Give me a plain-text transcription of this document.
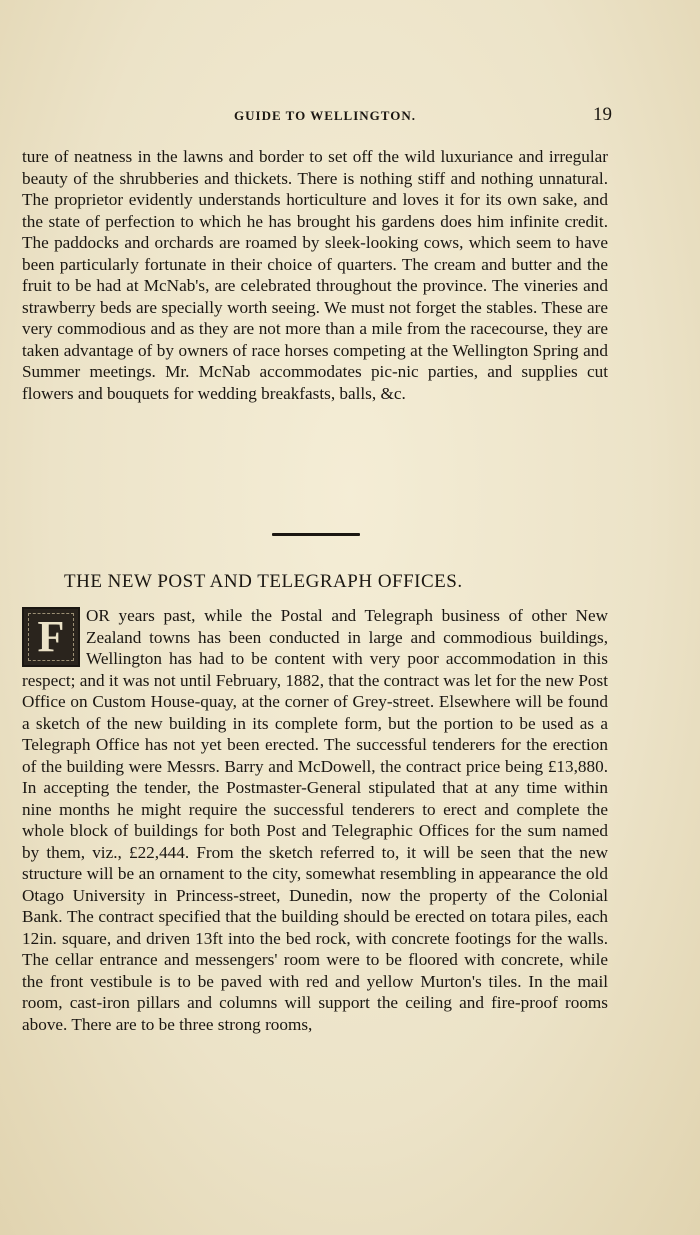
GUIDE TO WELLINGTON.	19

ture of neatness in the lawns and border to set off the wild luxuriance and irregular beauty of the shrubberies and thickets. There is nothing stiff and nothing unnatural. The proprietor evidently understands horticulture and loves it for its own sake, and the state of perfection to which he has brought his gardens does him infinite credit. The paddocks and orchards are roamed by sleek-looking cows, which seem to have been particularly fortunate in their choice of quarters. The cream and butter and the fruit to be had at McNab's, are celebrated throughout the province. The vineries and strawberry beds are specially worth seeing. We must not forget the stables. These are very commodious and as they are not more than a mile from the racecourse, they are taken advantage of by owners of race horses competing at the Wellington Spring and Summer meetings. Mr. McNab accommodates pic-nic parties, and supplies cut flowers and bouquets for wedding breakfasts, balls, &c.

THE NEW POST AND TELEGRAPH OFFICES.
F	OR years past, while the Postal and Telegraph business of other New Zealand towns has been conducted in large and commodious buildings, Wellington has had to be content with very poor accommodation in this respect; and it was not until February, 1882, that the contract was let for the new Post Office on Custom House-quay, at the corner of Grey-street. Elsewhere will be found a sketch of the new building in its complete form, but the portion to be used as a Telegraph Office has not yet been erected. The successful tenderers for the erection of the building were Messrs. Barry and McDowell, the contract price being £13,880. In accepting the tender, the Postmaster-General stipulated that at any time within nine months he might require the successful tenderers to erect and complete the whole block of buildings for both Post and Telegraphic Offices for the sum named by them, viz., £22,444. From the sketch referred to, it will be seen that the new structure will be an ornament to the city, somewhat resembling in appearance the old Otago University in Princess-street, Dunedin, now the property of the Colonial Bank. The contract specified that the building should be erected on totara piles, each 12in. square, and driven 13ft into the bed rock, with concrete footings for the walls. The cellar entrance and messengers' room were to be floored with concrete, while the front vestibule is to be paved with red and yellow Murton's tiles. In the mail room, cast-iron pillars and columns will support the ceiling and fire-proof rooms above. There are to be three strong rooms,
